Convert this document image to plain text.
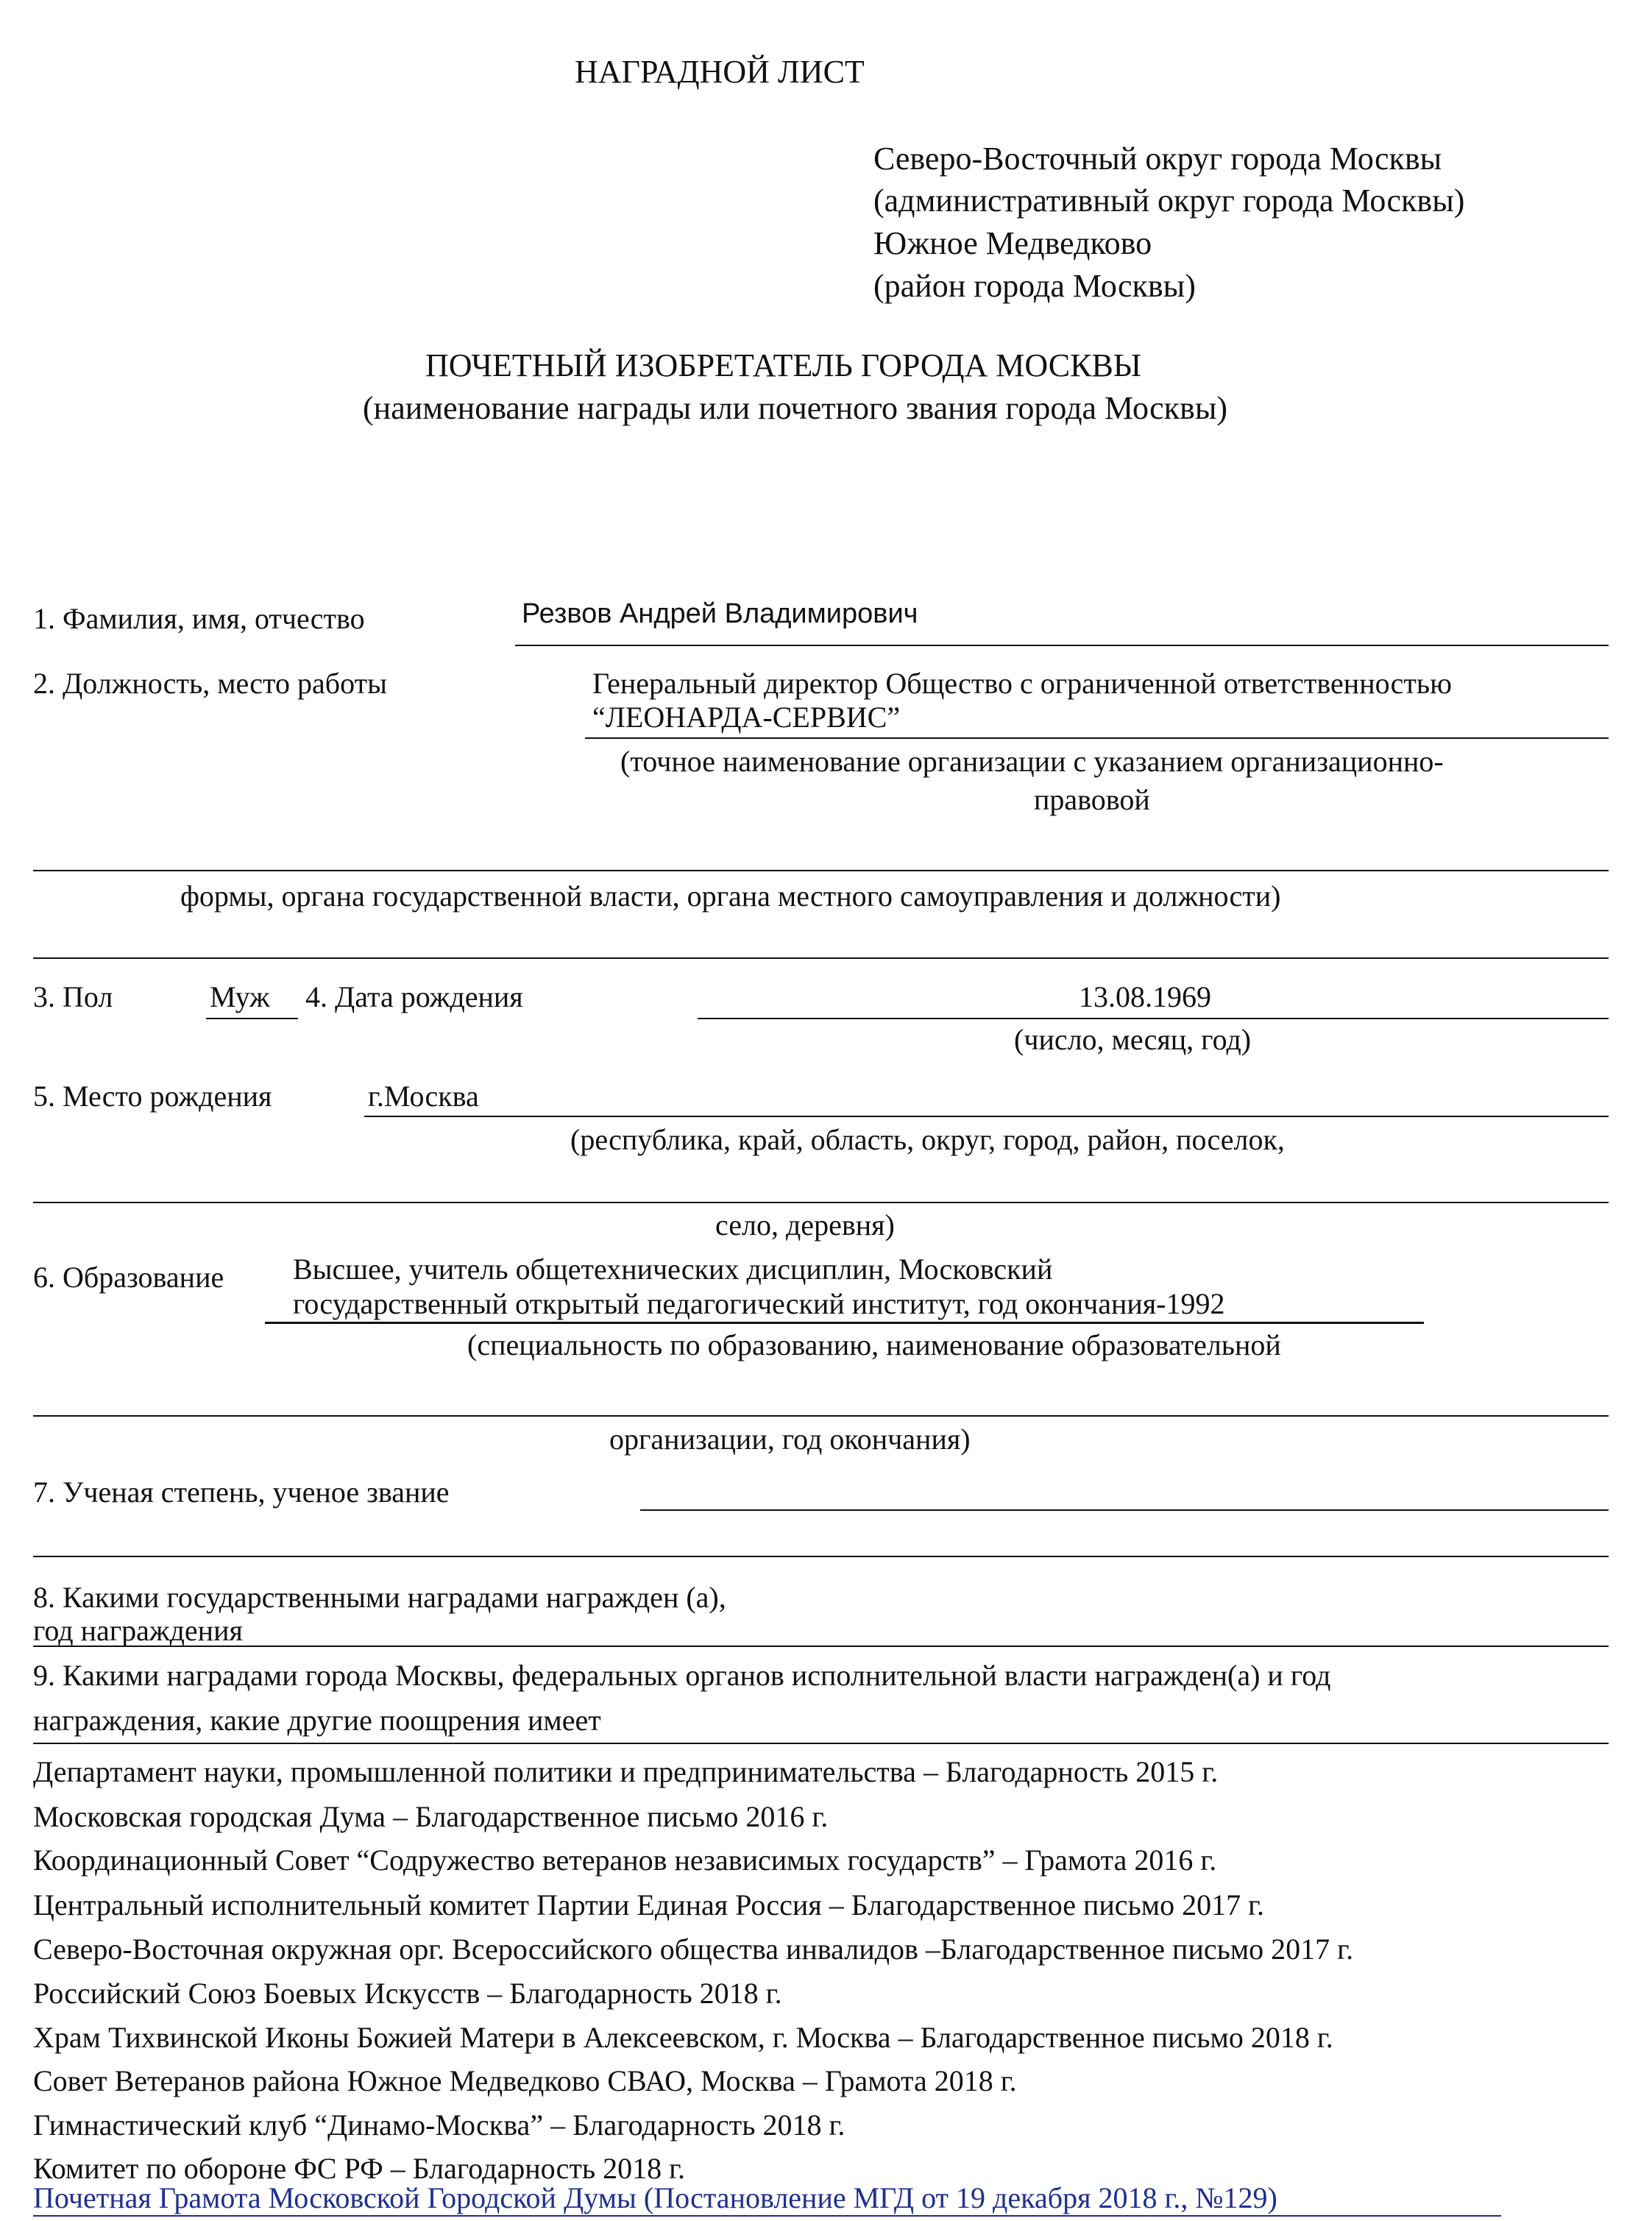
НАГРАДНОЙ ЛИСТ
Северо-Восточный округ города Москвы
(административный округ города Москвы)
Южное Медведково
(район города Москвы)
ПОЧЕТНЫЙ ИЗОБРЕТАТЕЛЬ ГОРОДА МОСКВЫ
(наименование награды или почетного звания города Москвы)
1. Фамилия, имя, отчество	Резвов Андрей Владимирович
2. Должность, место работы	Генеральный директор Общество с ограниченной ответственностью
“ЛЕОНАРДА-СЕРВИС”
(точное наименование организации с указанием организационно-
правовой
формы, органа государственной власти, органа местного самоуправления и должности)
3. Пол	Муж 4. Дата рождения	13.08.1969
(число, месяц, год)
5. Место рождения	г.Москва
(республика, край, область, округ, город, район, поселок,
село, деревня)
6. Образование Высшее, учитель общетехнических дисциплин, Московский
государственный открытый педагогический институт, год окончания-1992
(специальность по образованию, наименование образовательной
организации, год окончания)
7. Ученая степень, ученое звание
8. Какими государственными наградами награжден (а),
год награждения
9. Какими наградами города Москвы, федеральных органов исполнительной власти награжден(а) и год
награждения, какие другие поощрения имеет
Департамент науки, промышленной политики и предпринимательства – Благодарность 2015 г.
Московская городская Дума – Благодарственное письмо 2016 г.
Координационный Совет “Содружество ветеранов независимых государств” – Грамота 2016 г.
Центральный исполнительный комитет Партии Единая Россия – Благодарственное письмо 2017 г.
Северо-Восточная окружная орг. Всероссийского общества инвалидов –Благодарственное письмо 2017 г.
Российский Союз Боевых Искусств – Благодарность 2018 г.
Храм Тихвинской Иконы Божией Матери в Алексеевском, г. Москва – Благодарственное письмо 2018 г.
Совет Ветеранов района Южное Медведково СВАО, Москва – Грамота 2018 г.
Гимнастический клуб “Динамо-Москва” – Благодарность 2018 г.
Комитет по обороне ФС РФ – Благодарность 2018 г.
Почетная Грамота Московской Городской Думы (Постановление МГД от 19 декабря 2018 г., №129)
